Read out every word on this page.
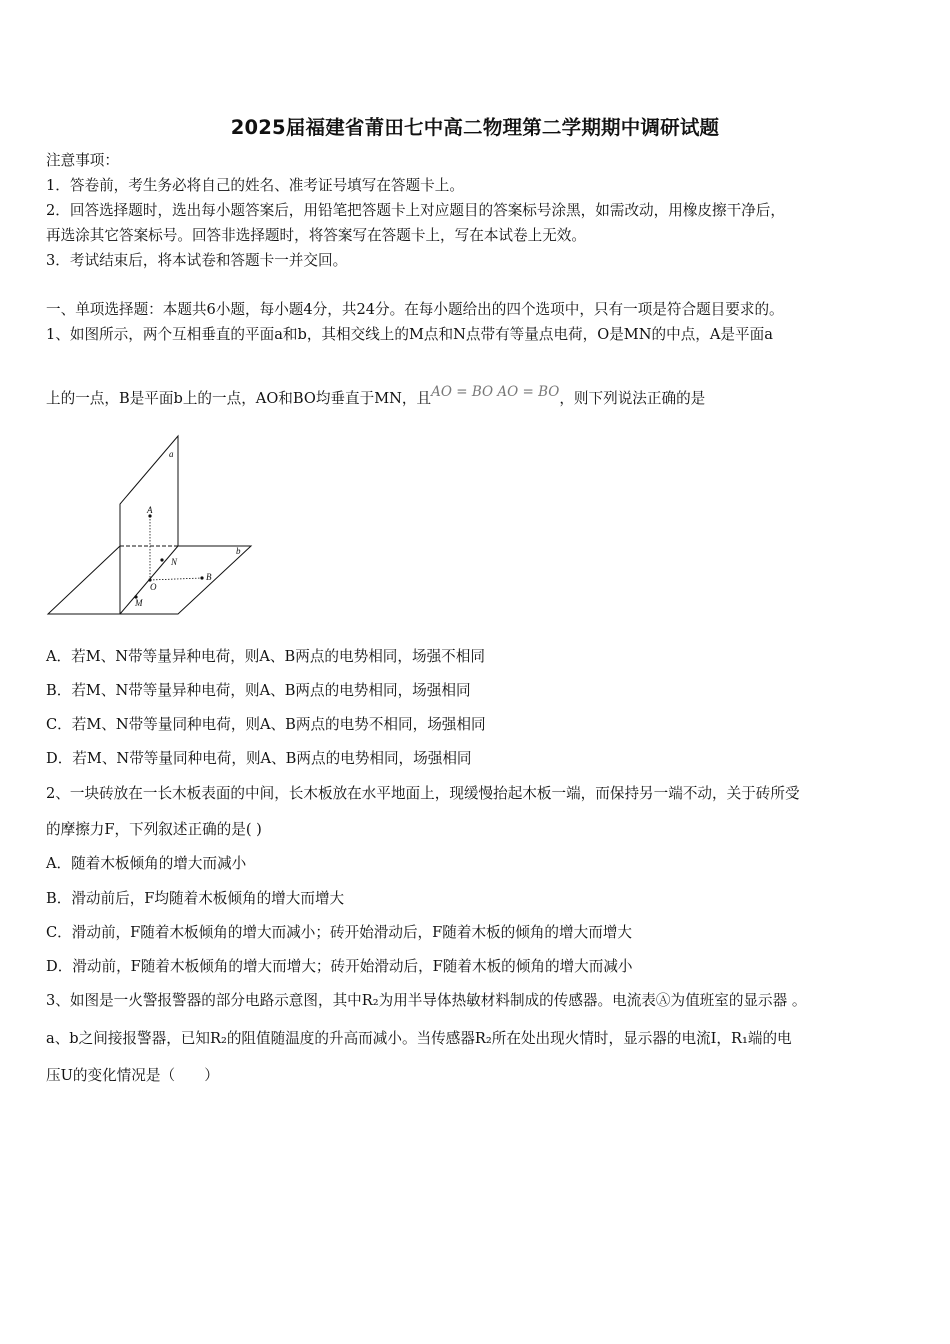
2025届福建省莆田七中高二物理第二学期期中调研试题
注意事项：
1．答卷前，考生务必将自己的姓名、准考证号填写在答题卡上。
2．回答选择题时，选出每小题答案后，用铅笔把答题卡上对应题目的答案标号涂黑，如需改动，用橡皮擦干净后，
再选涂其它答案标号。回答非选择题时，将答案写在答题卡上，写在本试卷上无效。
3．考试结束后，将本试卷和答题卡一并交回。
一、单项选择题：本题共6小题，每小题4分，共24分。在每小题给出的四个选项中，只有一项是符合题目要求的。
1、如图所示，两个互相垂直的平面a和b，其相交线上的M点和N点带有等量点电荷，O是MN的中点，A是平面a
上的一点，B是平面b上的一点，AO和BO均垂直于MN，且AO = BO AO = BO，则下列说法正确的是
a
A
b
N
B
O
M
A．若M、N带等量异种电荷，则A、B两点的电势相同，场强不相同
B．若M、N带等量异种电荷，则A、B两点的电势相同，场强相同
C．若M、N带等量同种电荷，则A、B两点的电势不相同，场强相同
D．若M、N带等量同种电荷，则A、B两点的电势相同，场强相同
2、一块砖放在一长木板表面的中间，长木板放在水平地面上，现缓慢抬起木板一端，而保持另一端不动，关于砖所受
的摩擦力F，下列叙述正确的是( )
A．随着木板倾角的增大而减小
B．滑动前后，F均随着木板倾角的增大而增大
C．滑动前，F随着木板倾角的增大而减小；砖开始滑动后，F随着木板的倾角的增大而增大
D．滑动前，F随着木板倾角的增大而增大；砖开始滑动后，F随着木板的倾角的增大而减小
3、如图是一火警报警器的部分电路示意图，其中R₂为用半导体热敏材料制成的传感器。电流表Ⓐ为值班室的显示器 。
a、b之间接报警器，已知R₂的阻值随温度的升高而减小。当传感器R₂所在处出现火情时，显示器的电流I，R₁端的电
压U的变化情况是（　　）
